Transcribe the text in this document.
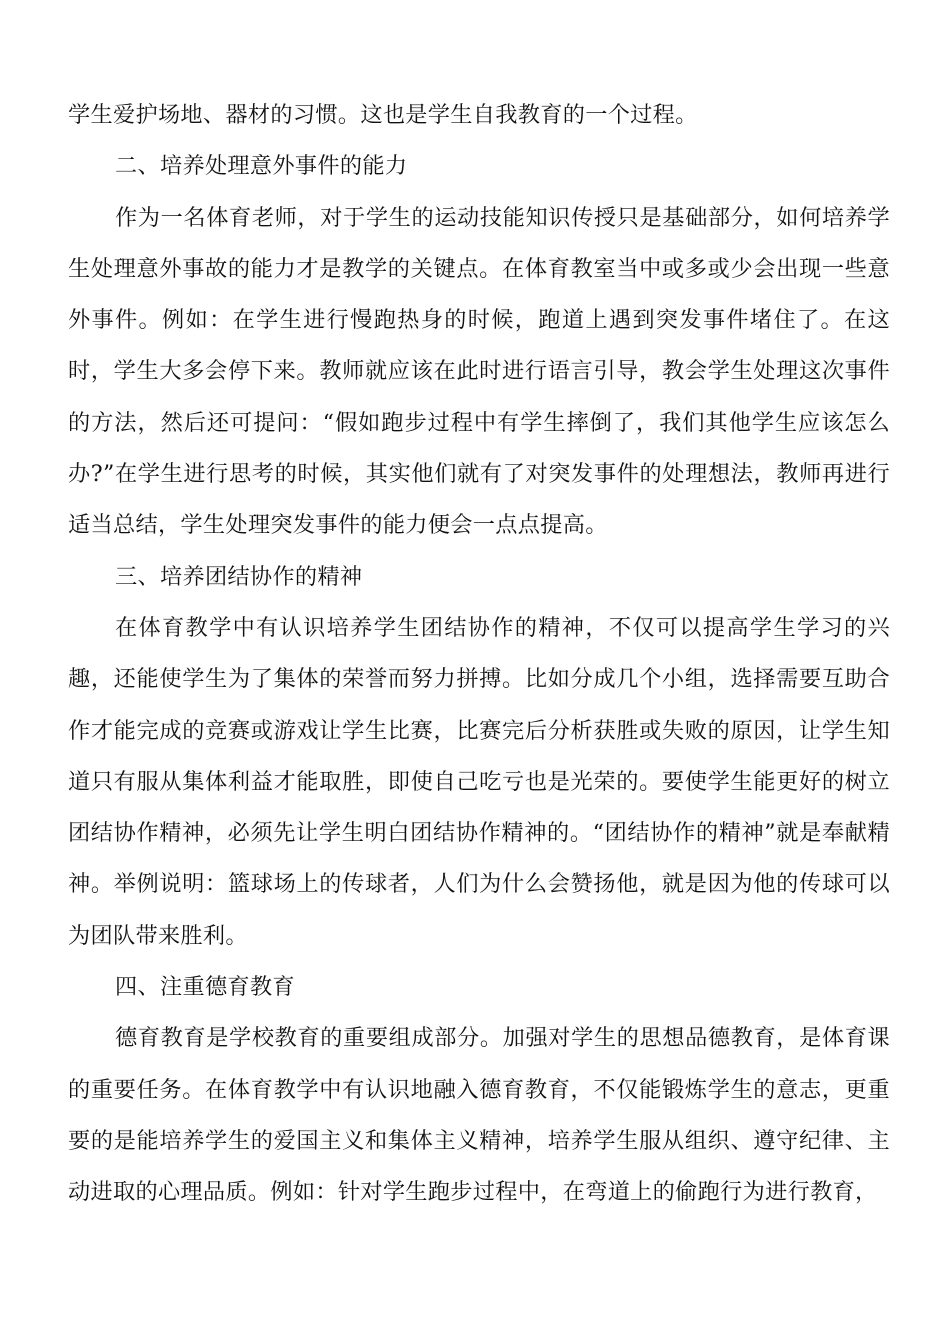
学生爱护场地、器材的习惯。这也是学生自我教育的一个过程。

二、培养处理意外事件的能力

作为一名体育老师，对于学生的运动技能知识传授只是基础部分，如何培养学生处理意外事故的能力才是教学的关键点。在体育教室当中或多或少会出现一些意外事件。例如：在学生进行慢跑热身的时候，跑道上遇到突发事件堵住了。在这时，学生大多会停下来。教师就应该在此时进行语言引导，教会学生处理这次事件的方法，然后还可提问：“假如跑步过程中有学生摔倒了，我们其他学生应该怎么办?”在学生进行思考的时候，其实他们就有了对突发事件的处理想法，教师再进行适当总结，学生处理突发事件的能力便会一点点提高。

三、培养团结协作的精神

在体育教学中有认识培养学生团结协作的精神，不仅可以提高学生学习的兴趣，还能使学生为了集体的荣誉而努力拼搏。比如分成几个小组，选择需要互助合作才能完成的竞赛或游戏让学生比赛，比赛完后分析获胜或失败的原因，让学生知道只有服从集体利益才能取胜，即使自己吃亏也是光荣的。要使学生能更好的树立团结协作精神，必须先让学生明白团结协作精神的。“团结协作的精神”就是奉献精神。举例说明：篮球场上的传球者，人们为什么会赞扬他，就是因为他的传球可以为团队带来胜利。

四、注重德育教育

德育教育是学校教育的重要组成部分。加强对学生的思想品德教育，是体育课的重要任务。在体育教学中有认识地融入德育教育，不仅能锻炼学生的意志，更重要的是能培养学生的爱国主义和集体主义精神，培养学生服从组织、遵守纪律、主动进取的心理品质。例如：针对学生跑步过程中，在弯道上的偷跑行为进行教育，
